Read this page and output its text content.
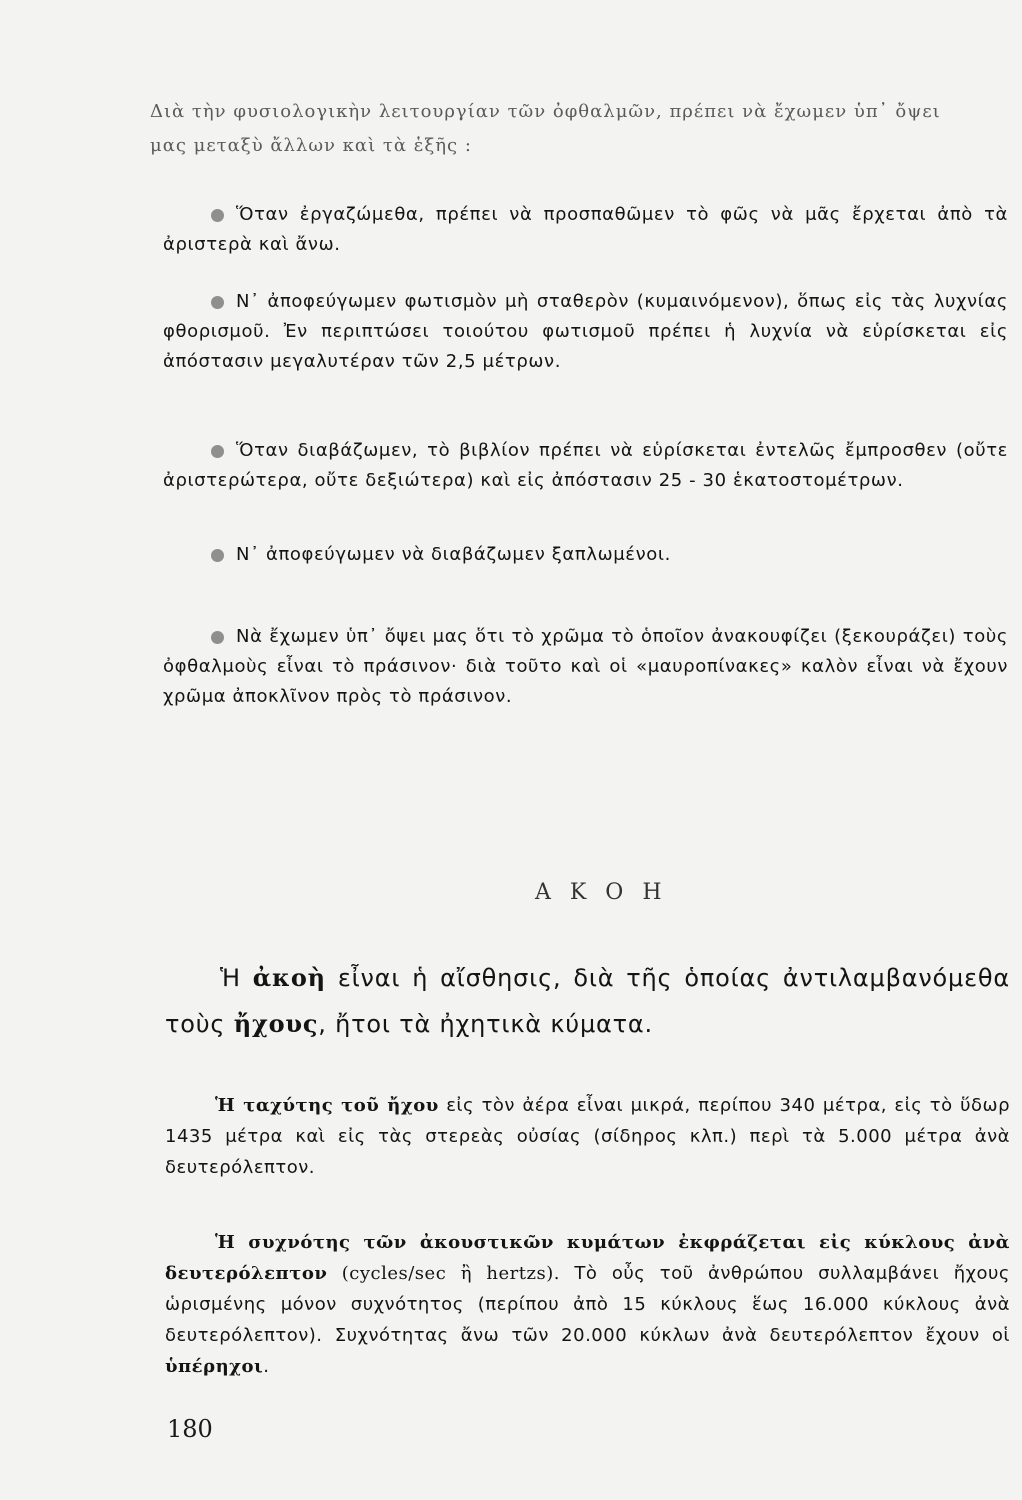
Διὰ τὴν φυσιολογικὴν λειτουργίαν τῶν ὀφθαλμῶν, πρέπει νὰ ἔχωμεν ὑπ᾽ ὄψει
μας μεταξὺ ἄλλων καὶ τὰ ἑξῆς :
Ὅταν ἐργαζώμεθα, πρέπει νὰ προσπαθῶμεν τὸ φῶς νὰ μᾶς ἔρχεται ἀπὸ τὰ ἀριστερὰ καὶ ἄνω.
Ν᾽ ἀποφεύγωμεν φωτισμὸν μὴ σταθερὸν (κυμαινόμενον), ὅπως εἰς τὰς λυχνίας φθορισμοῦ. Ἐν περιπτώσει τοιούτου φωτισμοῦ πρέπει ἡ λυχνία νὰ εὑρίσκεται εἰς ἀπόστασιν μεγαλυτέραν τῶν 2,5 μέτρων.
Ὅταν διαβάζωμεν, τὸ βιβλίον πρέπει νὰ εὑρίσκεται ἐντελῶς ἔμπροσθεν (οὔτε ἀριστερώτερα, οὔτε δεξιώτερα) καὶ εἰς ἀπόστασιν 25 - 30 ἑκατοστομέτρων.
Ν᾽ ἀποφεύγωμεν νὰ διαβάζωμεν ξαπλωμένοι.
Νὰ ἔχωμεν ὑπ᾽ ὄψει μας ὅτι τὸ χρῶμα τὸ ὁποῖον ἀνακουφίζει (ξεκουράζει) τοὺς ὀφθαλμοὺς εἶναι τὸ πράσινον· διὰ τοῦτο καὶ οἱ «μαυροπίνακες» καλὸν εἶναι νὰ ἔχουν χρῶμα ἀποκλῖνον πρὸς τὸ πράσινον.
Α Κ Ο Η
Ἡ ἀκοὴ εἶναι ἡ αἴσθησις, διὰ τῆς ὁποίας ἀντιλαμβανόμεθα τοὺς ἤχους, ἤτοι τὰ ἠχητικὰ κύματα.
Ἡ ταχύτης τοῦ ἤχου εἰς τὸν ἀέρα εἶναι μικρά, περίπου 340 μέτρα, εἰς τὸ ὕδωρ 1435 μέτρα καὶ εἰς τὰς στερεὰς οὐσίας (σίδηρος κλπ.) περὶ τὰ 5.000 μέτρα ἀνὰ δευτερόλεπτον.
Ἡ συχνότης τῶν ἀκουστικῶν κυμάτων ἐκφράζεται εἰς κύκλους ἀνὰ δευτερόλεπτον (cycles/sec ἢ hertzs). Τὸ οὖς τοῦ ἀνθρώπου συλλαμβάνει ἤχους ὡρισμένης μόνον συχνότητος (περίπου ἀπὸ 15 κύκλους ἕως 16.000 κύκλους ἀνὰ δευτερόλεπτον). Συχνότητας ἄνω τῶν 20.000 κύκλων ἀνὰ δευτερόλεπτον ἔχουν οἱ ὑπέρηχοι.
180
